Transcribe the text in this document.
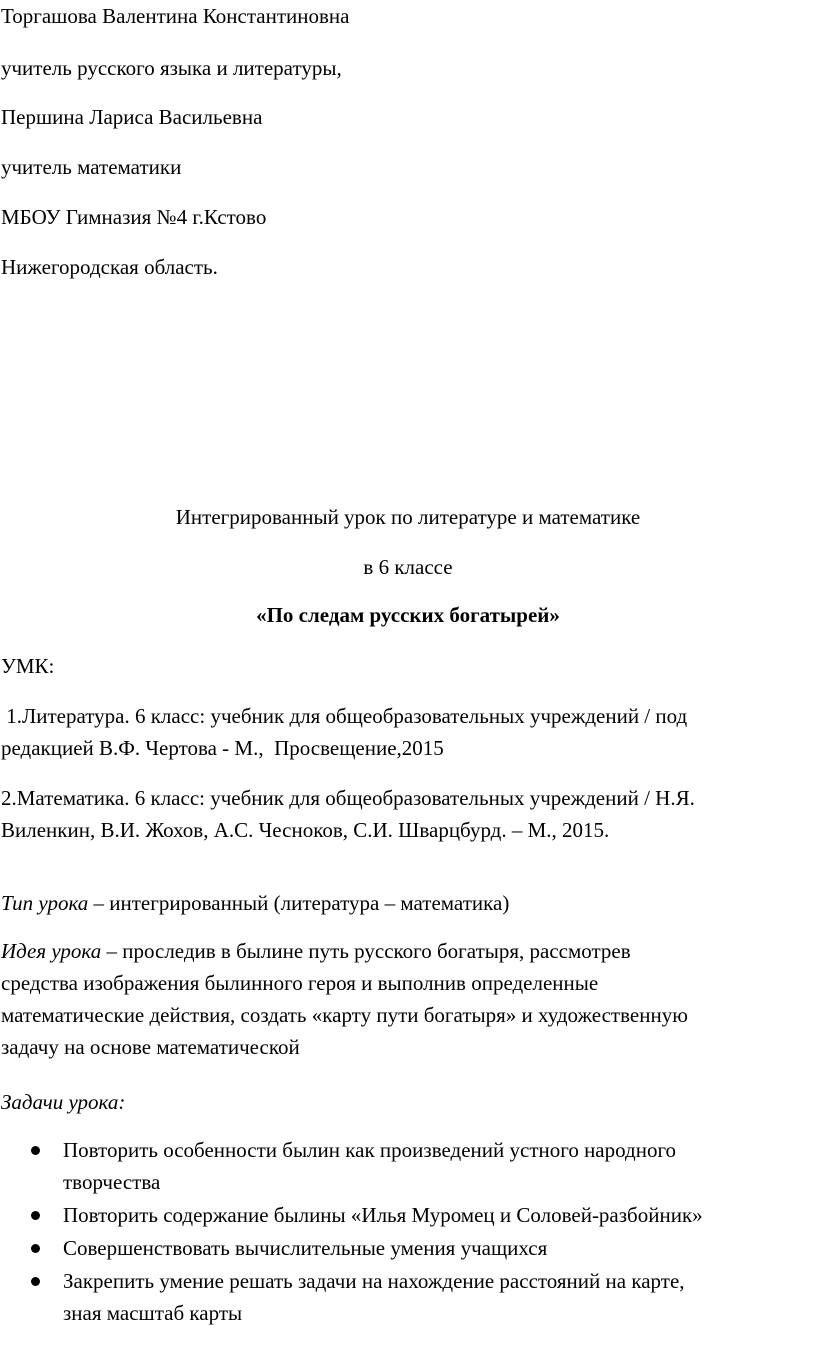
Торгашова Валентина Константиновна
учитель русского языка и литературы,
Першина Лариса Васильевна
учитель математики
МБОУ Гимназия №4 г.Кстово
Нижегородская область.
Интегрированный урок по литературе и математике
в 6 классе
«По следам русских богатырей»
УМК:
1.Литература. 6 класс: учебник для общеобразовательных учреждений / под
редакцией В.Ф. Чертова - М.,  Просвещение,2015
2.Математика. 6 класс: учебник для общеобразовательных учреждений / Н.Я.
Виленкин, В.И. Жохов, А.С. Чесноков, С.И. Шварцбурд. – М., 2015.
Тип урока – интегрированный (литература – математика)
Идея урока – проследив в былине путь русского богатыря, рассмотрев
средства изображения былинного героя и выполнив определенные
математические действия, создать «карту пути богатыря» и художественную
задачу на основе математической
Задачи урока:
Повторить особенности былин как произведений устного народного
творчества
Повторить содержание былины «Илья Муромец и Соловей-разбойник»
Совершенствовать вычислительные умения учащихся
Закрепить умение решать задачи на нахождение расстояний на карте,
зная масштаб карты
